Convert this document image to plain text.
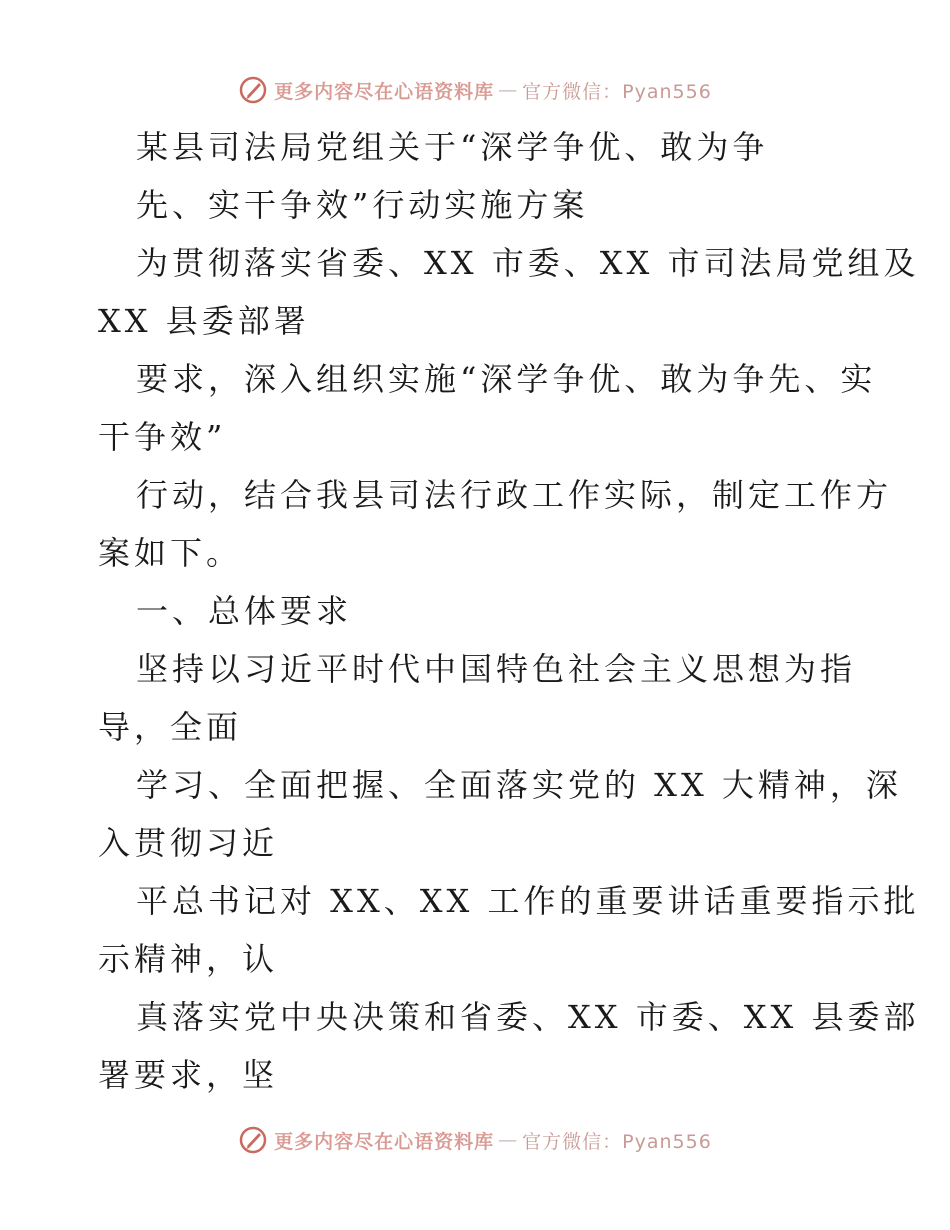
更多内容尽在心语资料库 — 官方微信：Pyan556
某县司法局党组关于“深学争优、敢为争
先、实干争效”行动实施方案
为贯彻落实省委、XX 市委、XX 市司法局党组及
XX 县委部署
要求，深入组织实施“深学争优、敢为争先、实
干争效”
行动，结合我县司法行政工作实际，制定工作方
案如下。
一、总体要求
坚持以习近平时代中国特色社会主义思想为指
导，全面
学习、全面把握、全面落实党的 XX 大精神，深
入贯彻习近
平总书记对 XX、XX 工作的重要讲话重要指示批
示精神，认
真落实党中央决策和省委、XX 市委、XX 县委部
署要求，坚
更多内容尽在心语资料库 — 官方微信：Pyan556
